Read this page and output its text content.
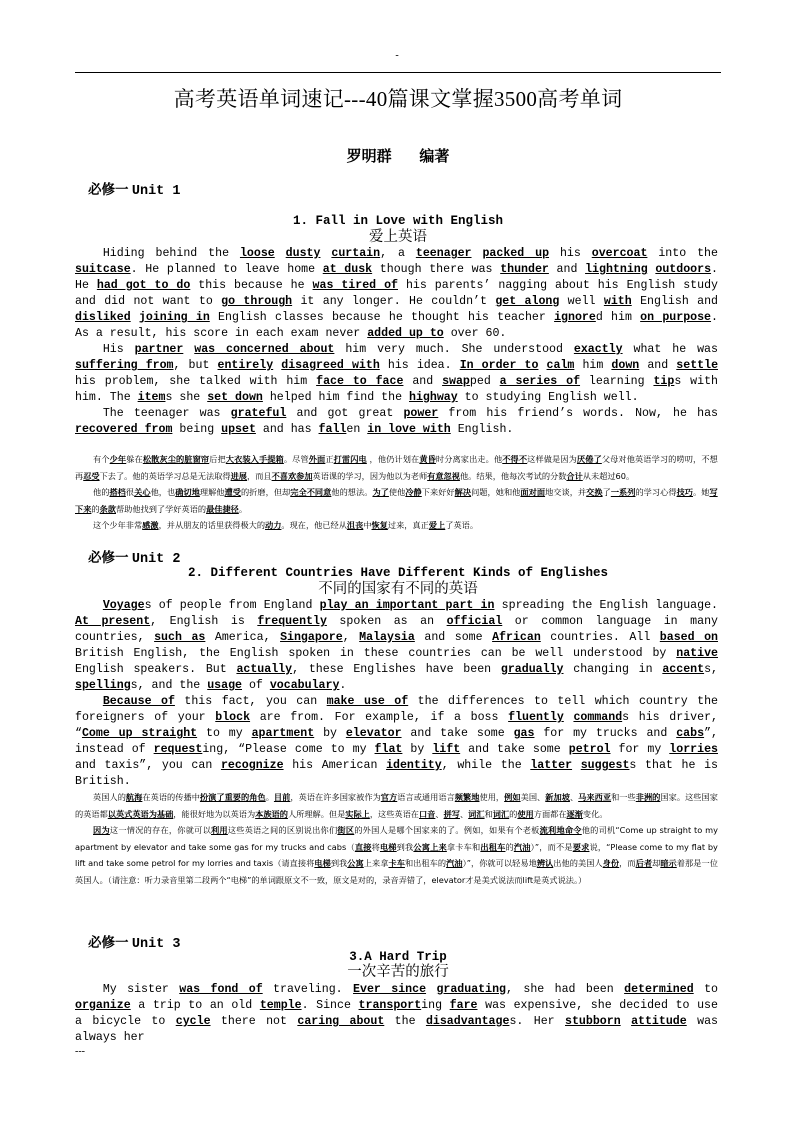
-
高考英语单词速记---40篇课文掌握3500高考单词
罗明群 编著
必修一 Unit 1
1. Fall in Love with English
爱上英语

Hiding behind the loose dusty curtain, a teenager packed up his overcoat into the suitcase. He planned to leave home at dusk though there was thunder and lightning outdoors. He had got to do this because he was tired of his parents’ nagging about his English study and did not want to go through it any longer. He couldn’t get along well with English and disliked joining in English classes because he thought his teacher ignored him on purpose. As a result, his score in each exam never added up to over 60.

His partner was concerned about him very much. She understood exactly what he was suffering from, but entirely disagreed with his idea. In order to calm him down and settle his problem, she talked with him face to face and swapped a series of learning tips with him. The items she set down helped him find the highway to studying English well.

The teenager was grateful and got great power from his friend’s words. Now, he has recovered from being upset and has fallen in love with English.

有个少年躲在松散灰尘的脏窗帘后把大衣装入手提箱。尽管外面正打雷闪电 ，他仍计划在黄昏时分离家出走。他不得不这样做是因为厌倦了父母对他英语学习的唠叨，不想再忍受下去了。他的英语学习总是无法取得进展，而且不喜欢参加英语课的学习，因为他以为老师有意忽视他。结果，他每次考试的分数合计从未超过60。

他的搭档很关心他，也确切地理解他遭受的折磨，但却完全不同意他的想法。为了使他冷静下来好好解决问题，她和他面对面地交谈，并交换了一系列的学习心得技巧。她写下来的条款帮助他找到了学好英语的最佳捷径。

这个少年非常感激，并从朋友的话里获得极大的动力。现在，他已经从沮丧中恢复过来，真正爱上了英语。

必修一 Unit 2
2. Different Countries Have Different Kinds of Englishes
不同的国家有不同的英语

Voyages of people from England play an important part in spreading the English language. At present, English is frequently spoken as an official or common language in many countries, such as America, Singapore, Malaysia and some African countries. All based on British English, the English spoken in these countries can be well understood by native English speakers. But actually, these Englishes have been gradually changing in accents, spellings, and the usage of vocabulary.

Because of this fact, you can make use of the differences to tell which country the foreigners of your block are from. For example, if a boss fluently commands his driver, “Come up straight to my apartment by elevator and take some gas for my trucks and cabs”, instead of requesting, “Please come to my flat by lift and take some petrol for my lorries and taxis”, you can recognize his American identity, while the latter suggests that he is British.

英国人的航海在英语的传播中扮演了重要的角色。目前，英语在许多国家被作为官方语言或通用语言频繁地使用，例如美国、新加坡、马来西亚和一些非洲的国家。这些国家的英语都以英式英语为基础，能很好地为以英语为本族语的人所理解。但是实际上，这些英语在口音、拼写、词汇和词汇的使用方面都在逐渐变化。

因为这一情况的存在，你就可以利用这些英语之间的区别说出你们街区的外国人是哪个国家来的了。例如，如果有个老板流利地命令他的司机“Come up straight to my apartment by elevator and take some gas for my trucks and cabs（直接将电梯到我公寓上来拿卡车和出租车的汽油）”，而不是要求说，“Please come to my flat by lift and take some petrol for my lorries and taxis（请直接将电梯到我公寓上来拿卡车和出租车的汽油）”，你就可以轻易地辨认出他的美国人身份，而后者却暗示着那是一位英国人。（请注意：听力录音里第二段两个“电梯”的单词跟原文不一致，原文是对的，录音弄错了，elevator才是美式说法而lift是英式说法。）

必修一 Unit 3
3.A Hard Trip
一次辛苦的旅行

My sister was fond of traveling. Ever since graduating, she had been determined to organize a trip to an old temple. Since transporting fare was expensive, she decided to use a bicycle to cycle there not caring about the disadvantages. Her stubborn attitude was always her

---
